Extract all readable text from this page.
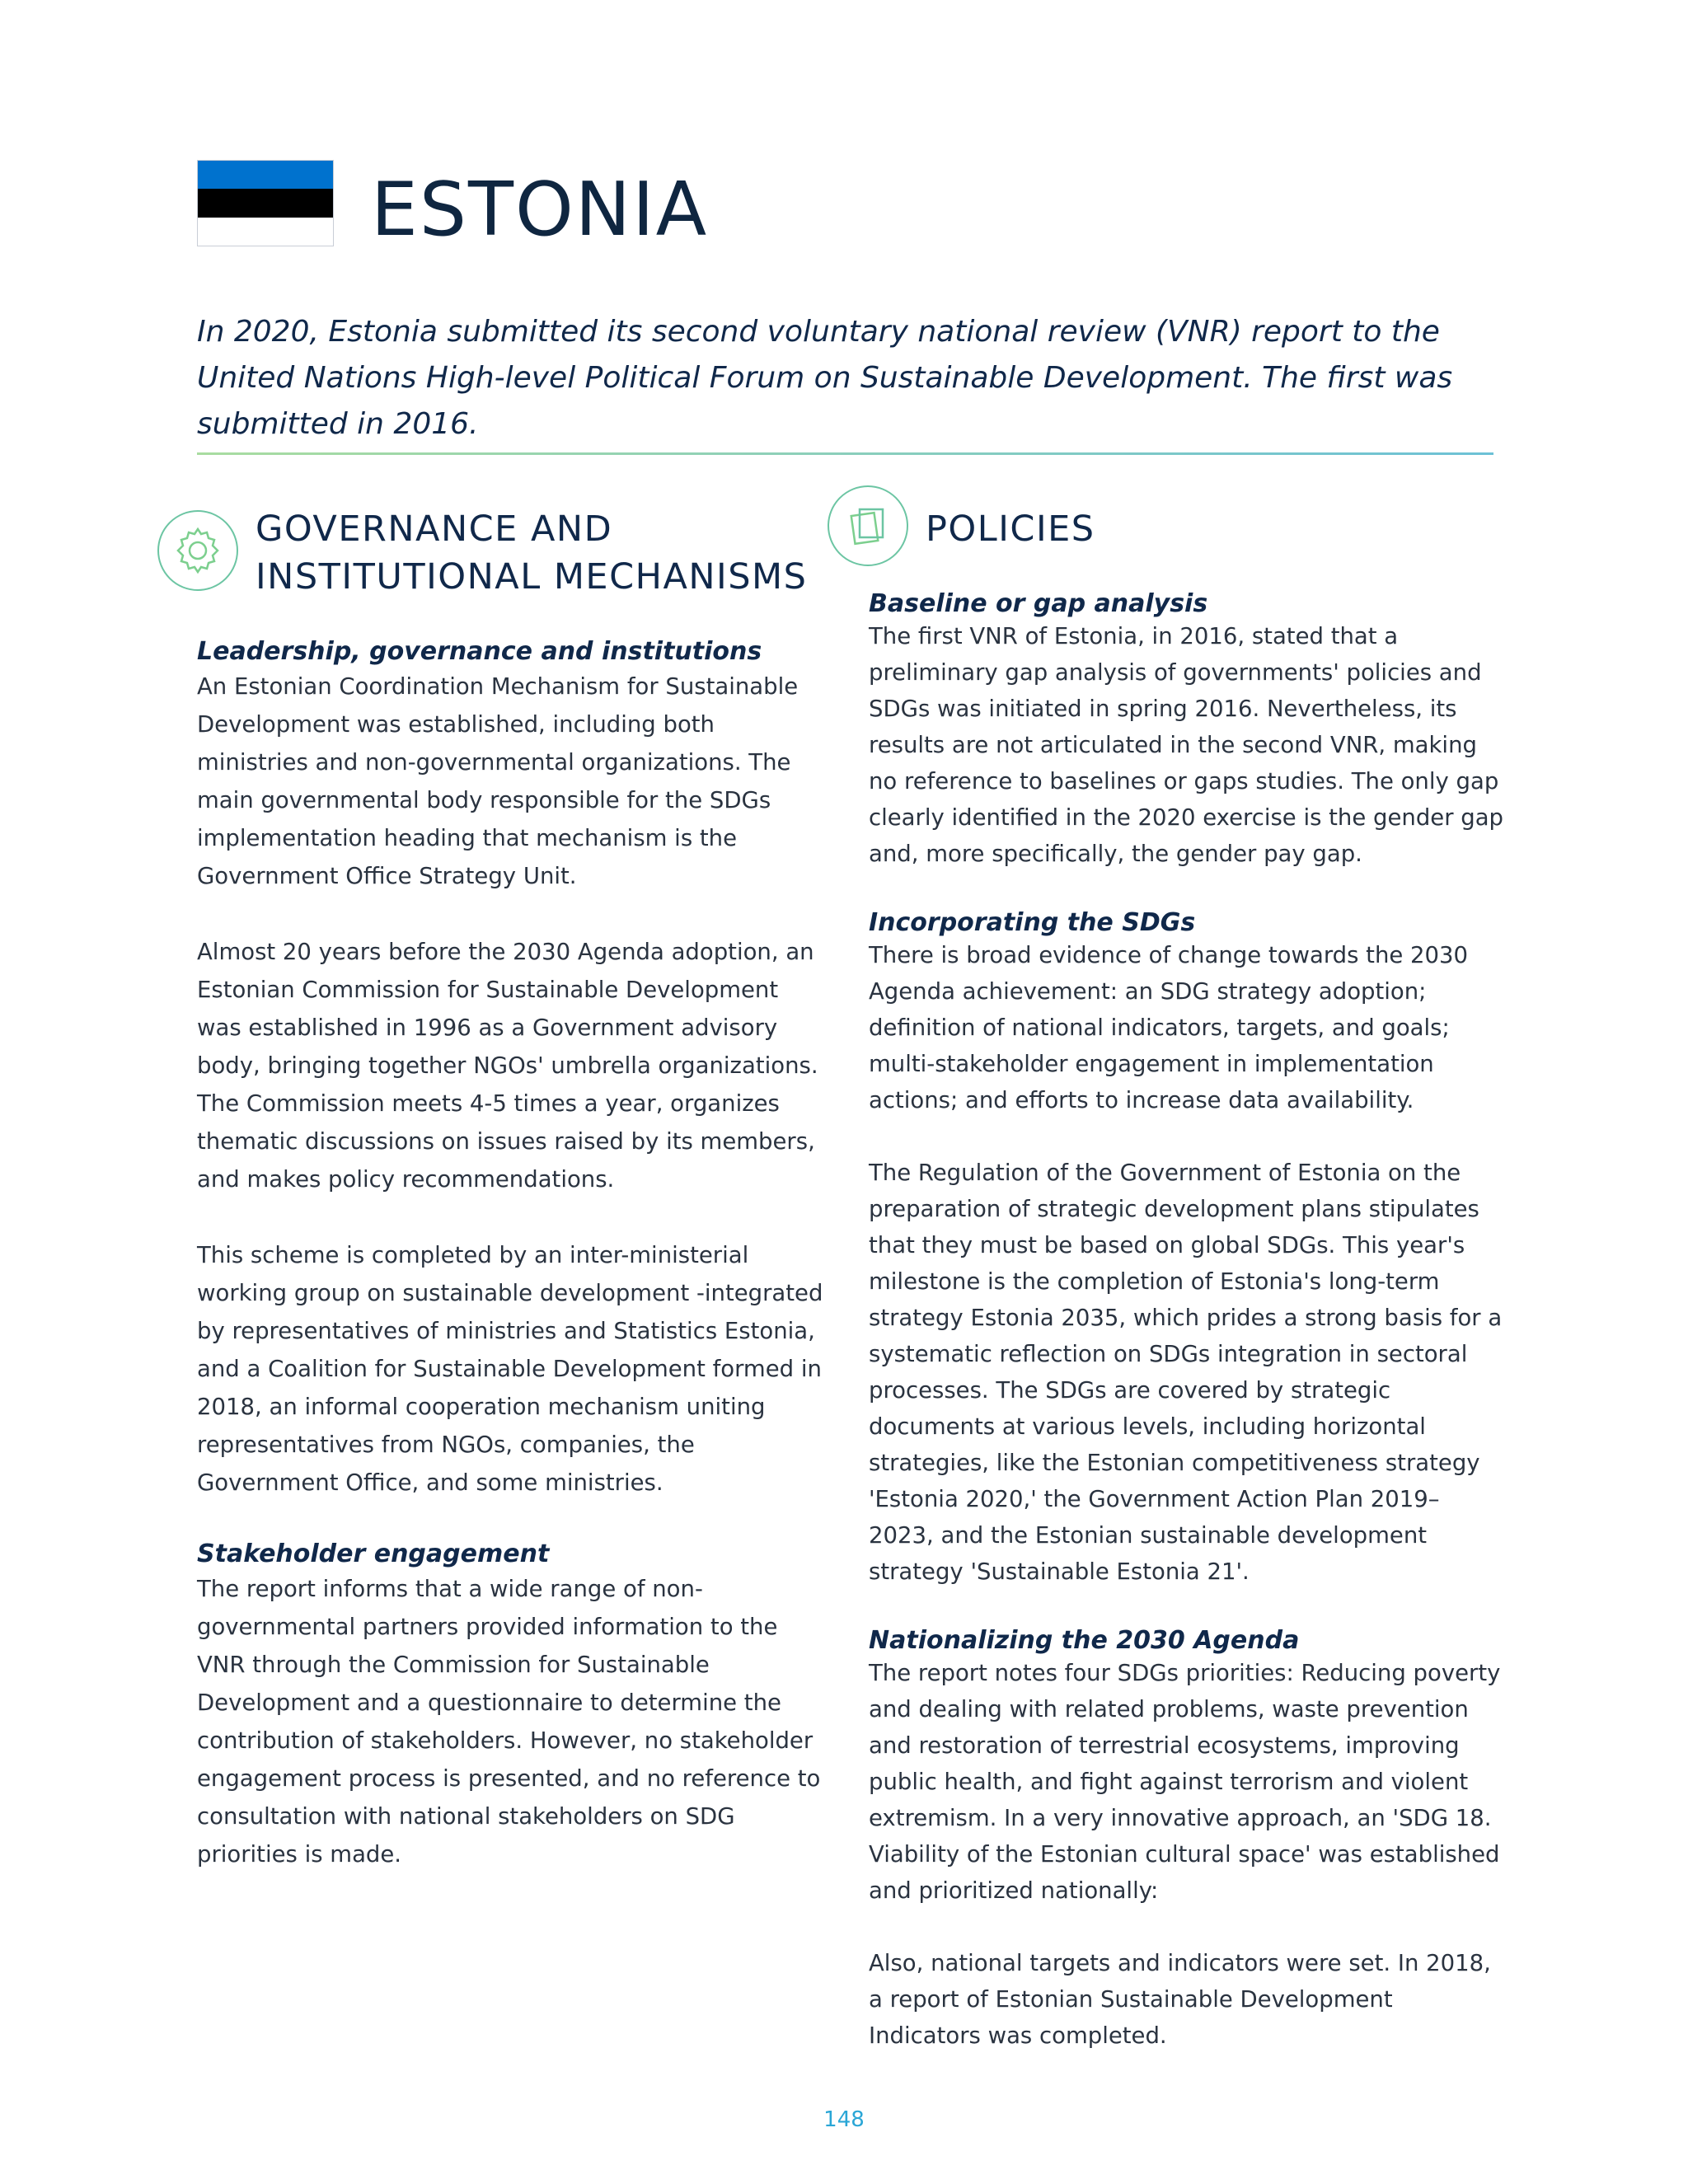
ESTONIA

In 2020, Estonia submitted its second voluntary national review (VNR) report to the United Nations High-level Political Forum on Sustainable Development. The first was submitted in 2016.

GOVERNANCE AND INSTITUTIONAL MECHANISMS
Leadership, governance and institutions

An Estonian Coordination Mechanism for Sustainable Development was established, including both ministries and non-governmental organizations. The main governmental body responsible for the SDGs implementation heading that mechanism is the Government Office Strategy Unit.

Almost 20 years before the 2030 Agenda adoption, an Estonian Commission for Sustainable Development was established in 1996 as a Government advisory body, bringing together NGOs' umbrella organizations. The Commission meets 4-5 times a year, organizes thematic discussions on issues raised by its members, and makes policy recommendations.

This scheme is completed by an inter-ministerial working group on sustainable development -integrated by representatives of ministries and Statistics Estonia, and a Coalition for Sustainable Development formed in 2018, an informal cooperation mechanism uniting representatives from NGOs, companies, the Government Office, and some ministries.

Stakeholder engagement

The report informs that a wide range of non-governmental partners provided information to the VNR through the Commission for Sustainable Development and a questionnaire to determine the contribution of stakeholders. However, no stakeholder engagement process is presented, and no reference to consultation with national stakeholders on SDG priorities is made.

POLICIES
Baseline or gap analysis

The first VNR of Estonia, in 2016, stated that a preliminary gap analysis of governments' policies and SDGs was initiated in spring 2016. Nevertheless, its results are not articulated in the second VNR, making no reference to baselines or gaps studies. The only gap clearly identified in the 2020 exercise is the gender gap and, more specifically, the gender pay gap.

Incorporating the SDGs

There is broad evidence of change towards the 2030 Agenda achievement: an SDG strategy adoption; definition of national indicators, targets, and goals; multi-stakeholder engagement in implementation actions; and efforts to increase data availability.

The Regulation of the Government of Estonia on the preparation of strategic development plans stipulates that they must be based on global SDGs. This year's milestone is the completion of Estonia's long-term strategy Estonia 2035, which prides a strong basis for a systematic reflection on SDGs integration in sectoral processes. The SDGs are covered by strategic documents at various levels, including horizontal strategies, like the Estonian competitiveness strategy 'Estonia 2020,' the Government Action Plan 2019–2023, and the Estonian sustainable development strategy 'Sustainable Estonia 21'.

Nationalizing the 2030 Agenda

The report notes four SDGs priorities: Reducing poverty and dealing with related problems, waste prevention and restoration of terrestrial ecosystems, improving public health, and fight against terrorism and violent extremism. In a very innovative approach, an 'SDG 18. Viability of the Estonian cultural space' was established and prioritized nationally:

Also, national targets and indicators were set. In 2018, a report of Estonian Sustainable Development Indicators was completed.

148
